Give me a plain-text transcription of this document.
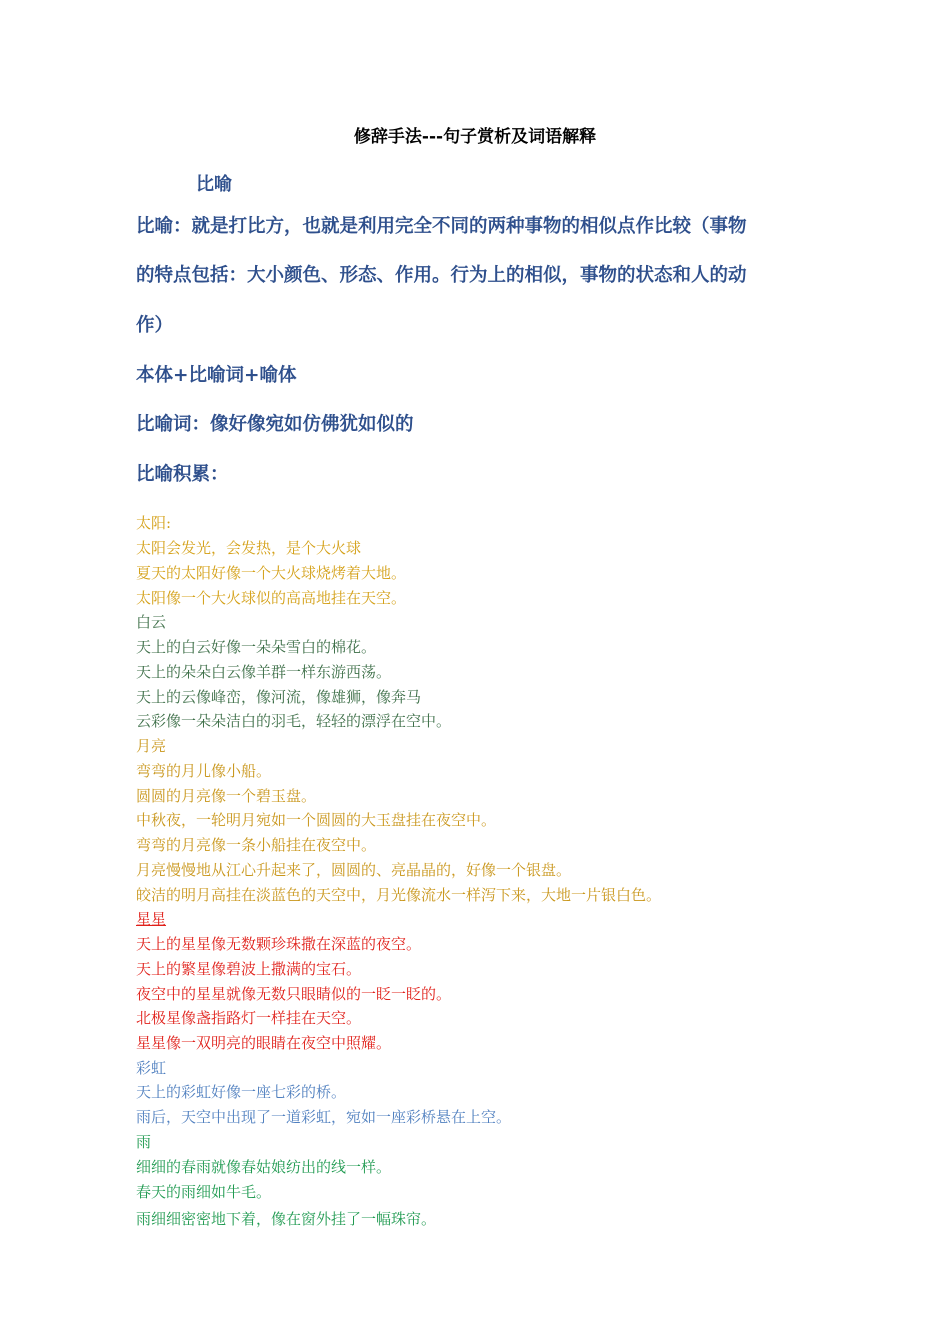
修辞手法---句子赏析及词语解释
比喻
比喻：就是打比方，也就是利用完全不同的两种事物的相似点作比较（事物
的特点包括：大小颜色、形态、作用。行为上的相似，事物的状态和人的动
作）
本体+比喻词+喻体
比喻词：像好像宛如仿佛犹如似的
比喻积累：
太阳:
太阳会发光，会发热，是个大火球
夏天的太阳好像一个大火球烧烤着大地。
太阳像一个大火球似的高高地挂在天空。
白云
天上的白云好像一朵朵雪白的棉花。
天上的朵朵白云像羊群一样东游西荡。
天上的云像峰峦，像河流，像雄狮，像奔马
云彩像一朵朵洁白的羽毛，轻轻的漂浮在空中。
月亮
弯弯的月儿像小船。
圆圆的月亮像一个碧玉盘。
中秋夜，一轮明月宛如一个圆圆的大玉盘挂在夜空中。
弯弯的月亮像一条小船挂在夜空中。
月亮慢慢地从江心升起来了，圆圆的、亮晶晶的，好像一个银盘。
皎洁的明月高挂在淡蓝色的天空中，月光像流水一样泻下来，大地一片银白色。
星星
天上的星星像无数颗珍珠撒在深蓝的夜空。
天上的繁星像碧波上撒满的宝石。
夜空中的星星就像无数只眼睛似的一眨一眨的。
北极星像盏指路灯一样挂在天空。
星星像一双明亮的眼睛在夜空中照耀。
彩虹
天上的彩虹好像一座七彩的桥。
雨后，天空中出现了一道彩虹，宛如一座彩桥悬在上空。
雨
细细的春雨就像春姑娘纺出的线一样。
春天的雨细如牛毛。
雨细细密密地下着，像在窗外挂了一幅珠帘。
